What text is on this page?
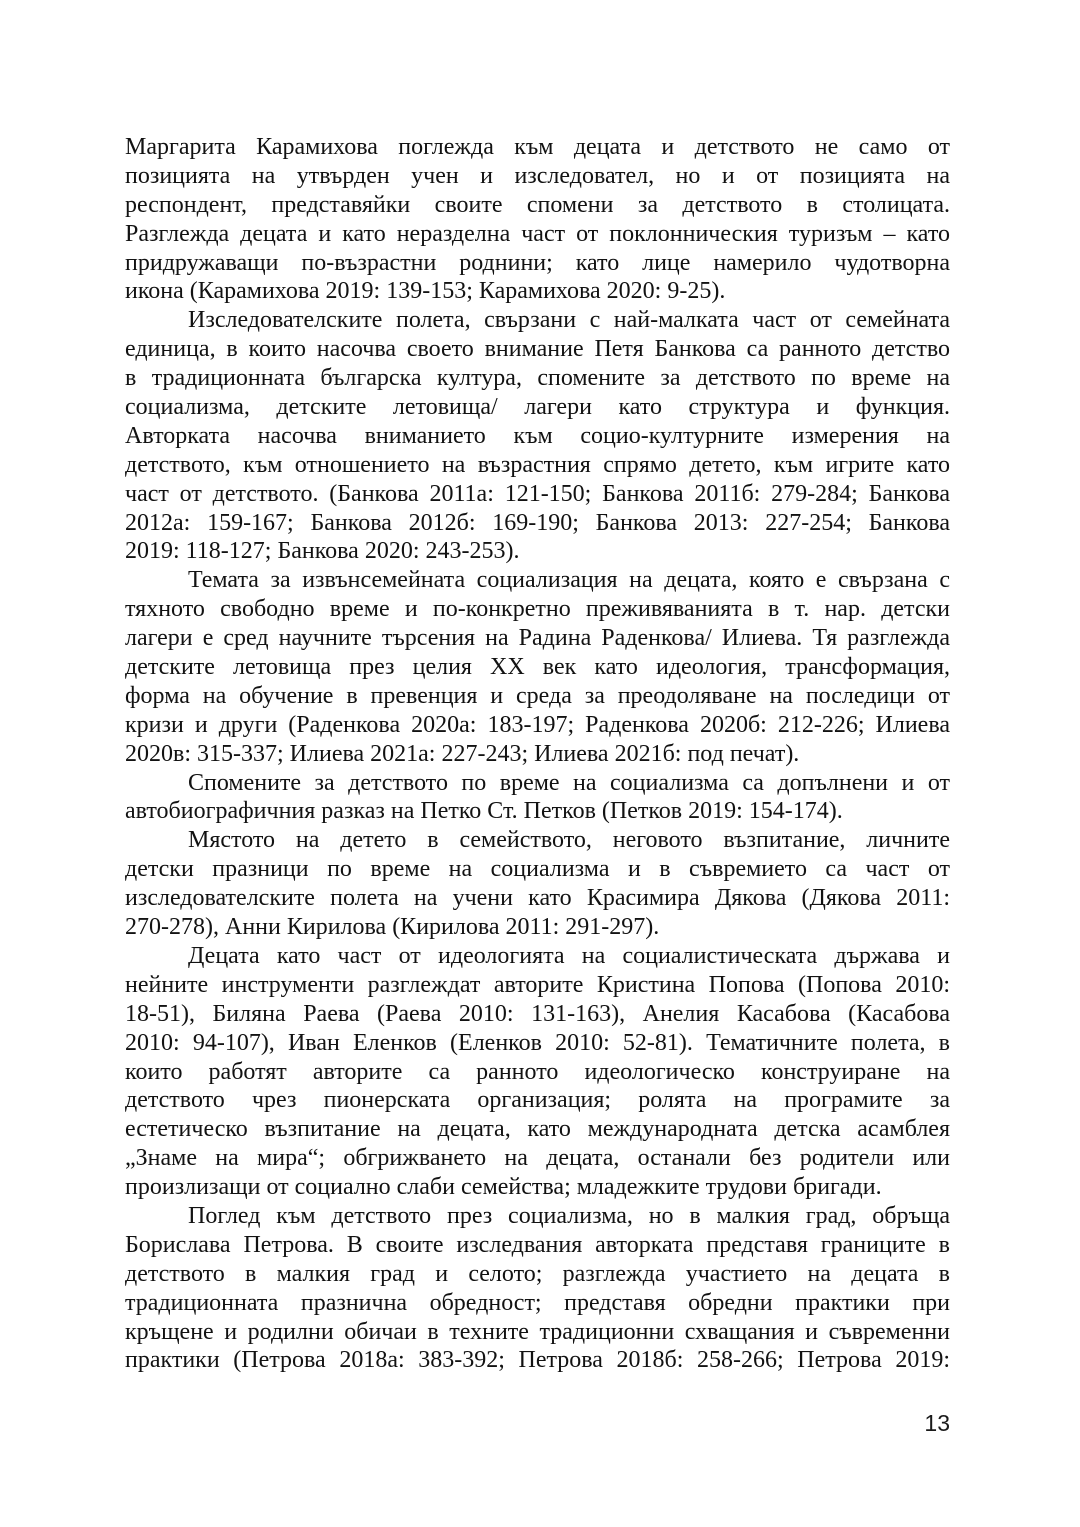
Маргарита Карамихова поглежда към децата и детството не само от
позицията на утвърден учен и изследовател, но и от позицията на
респондент, представяйки своите спомени за детството в столицата.
Разглежда децата и като неразделна част от поклонническия туризъм – като
придружаващи по-възрастни роднини; като лице намерило чудотворна
икона (Карамихова 2019: 139-153; Карамихова 2020: 9-25).
Изследователските полета, свързани с най-малката част от семейната
единица, в които насочва своето внимание Петя Банкова са ранното детство
в традиционната българска култура, спомените за детството по време на
социализма, детските летовища/ лагери като структура и функция.
Авторката насочва вниманието към социо-културните измерения на
детството, към отношението на възрастния спрямо детето, към игрите като
част от детството. (Банкова 2011а: 121-150; Банкова 2011б: 279-284; Банкова
2012а: 159-167; Банкова 2012б: 169-190; Банкова 2013: 227-254; Банкова
2019: 118-127; Банкова 2020: 243-253).
Темата за извънсемейната социализация на децата, която е свързана с
тяхното свободно време и по-конкретно преживяванията в т. нар. детски
лагери е сред научните търсения на Радина Раденкова/ Илиева. Тя разглежда
детските летовища през целия ХХ век като идеология, трансформация,
форма на обучение в превенция и среда за преодоляване на последици от
кризи и други (Раденкова 2020а: 183-197; Раденкова 2020б: 212-226; Илиева
2020в: 315-337; Илиева 2021а: 227-243; Илиева 2021б: под печат).
Спомените за детството по време на социализма са допълнени и от
автобиографичния разказ на Петко Ст. Петков (Петков 2019: 154-174).
Мястото на детето в семейството, неговото възпитание, личните
детски празници по време на социализма и в съвремието са част от
изследователските полета на учени като Красимира Дякова (Дякова 2011:
270-278), Анни Кирилова (Кирилова 2011: 291-297).
Децата като част от идеологията на социалистическата държава и
нейните инструменти разглеждат авторите Кристина Попова (Попова 2010:
18-51), Биляна Раева (Раева 2010: 131-163), Анелия Касабова (Касабова
2010: 94-107), Иван Еленков (Еленков 2010: 52-81). Тематичните полета, в
които работят авторите са ранното идеологическо конструиране на
детството чрез пионерската организация; ролята на програмите за
естетическо възпитание на децата, като международната детска асамблея
„Знаме на мира“; обгрижването на децата, останали без родители или
произлизащи от социално слаби семейства; младежките трудови бригади.
Поглед към детството през социализма, но в малкия град, обръща
Борислава Петрова. В своите изследвания авторката представя границите в
детството в малкия град и селото; разглежда участието на децата в
традиционната празнична обредност; представя обредни практики при
кръщене и родилни обичаи в техните традиционни схващания и съвременни
практики (Петрова 2018а: 383-392; Петрова 2018б: 258-266; Петрова 2019:
13
